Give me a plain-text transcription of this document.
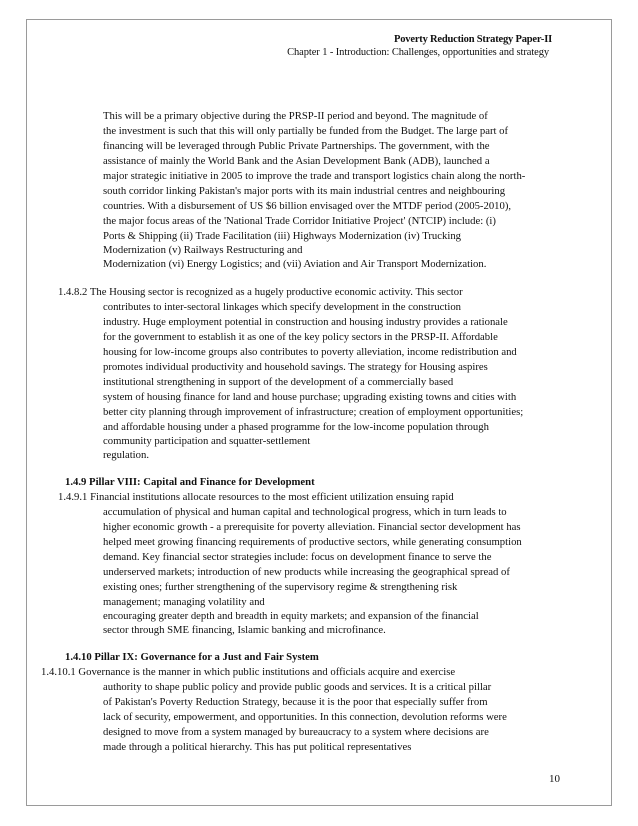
Poverty Reduction Strategy Paper-II
Chapter 1 - Introduction: Challenges, opportunities and strategy
This will be a primary objective during the PRSP-II period and beyond. The magnitude of
the investment is such that this will only partially be funded from the Budget. The large part of
financing will be leveraged through Public Private Partnerships. The government, with the
assistance of mainly the World Bank and the Asian Development Bank (ADB), launched a
major strategic initiative in 2005 to improve the trade and transport logistics chain along the north-
south corridor linking Pakistan's major ports with its main industrial centres and neighbouring
countries. With a disbursement of US $6 billion envisaged over the MTDF period (2005-2010),
the major focus areas of the 'National Trade Corridor Initiative Project' (NTCIP) include: (i)
Ports & Shipping (ii) Trade Facilitation (iii) Highways Modernization (iv) Trucking
Modernization (v) Railways Restructuring and
Modernization (vi) Energy Logistics; and (vii) Aviation and Air Transport Modernization.
1.4.8.2 The Housing sector is recognized as a hugely productive economic activity. This sector
contributes to inter-sectoral linkages which specify development in the construction
industry. Huge employment potential in construction and housing industry provides a rationale
for the government to establish it as one of the key policy sectors in the PRSP-II. Affordable
housing for low-income groups also contributes to poverty alleviation, income redistribution and
promotes individual productivity and household savings. The strategy for Housing aspires
institutional strengthening in support of the development of a commercially based
system of housing finance for land and house purchase; upgrading existing towns and cities with
better city planning through improvement of infrastructure; creation of employment opportunities;
and affordable housing under a phased programme for the low-income population through
community participation and squatter-settlement
regulation.
1.4.9 Pillar VIII: Capital and Finance for Development
1.4.9.1 Financial institutions allocate resources to the most efficient utilization ensuing rapid
accumulation of physical and human capital and technological progress, which in turn leads to
higher economic growth - a prerequisite for poverty alleviation. Financial sector development has
helped meet growing financing requirements of productive sectors, while generating consumption
demand. Key financial sector strategies include: focus on development finance to serve the
underserved markets; introduction of new products while increasing the geographical spread of
existing ones; further strengthening of the supervisory regime & strengthening risk
management; managing volatility and
encouraging greater depth and breadth in equity markets; and expansion of the financial
sector through SME financing, Islamic banking and microfinance.
1.4.10 Pillar IX: Governance for a Just and Fair System
1.4.10.1 Governance is the manner in which public institutions and officials acquire and exercise
authority to shape public policy and provide public goods and services. It is a critical pillar
of Pakistan's Poverty Reduction Strategy, because it is the poor that especially suffer from
lack of security, empowerment, and opportunities. In this connection, devolution reforms were
designed to move from a system managed by bureaucracy to a system where decisions are
made through a political hierarchy. This has put political representatives
10
